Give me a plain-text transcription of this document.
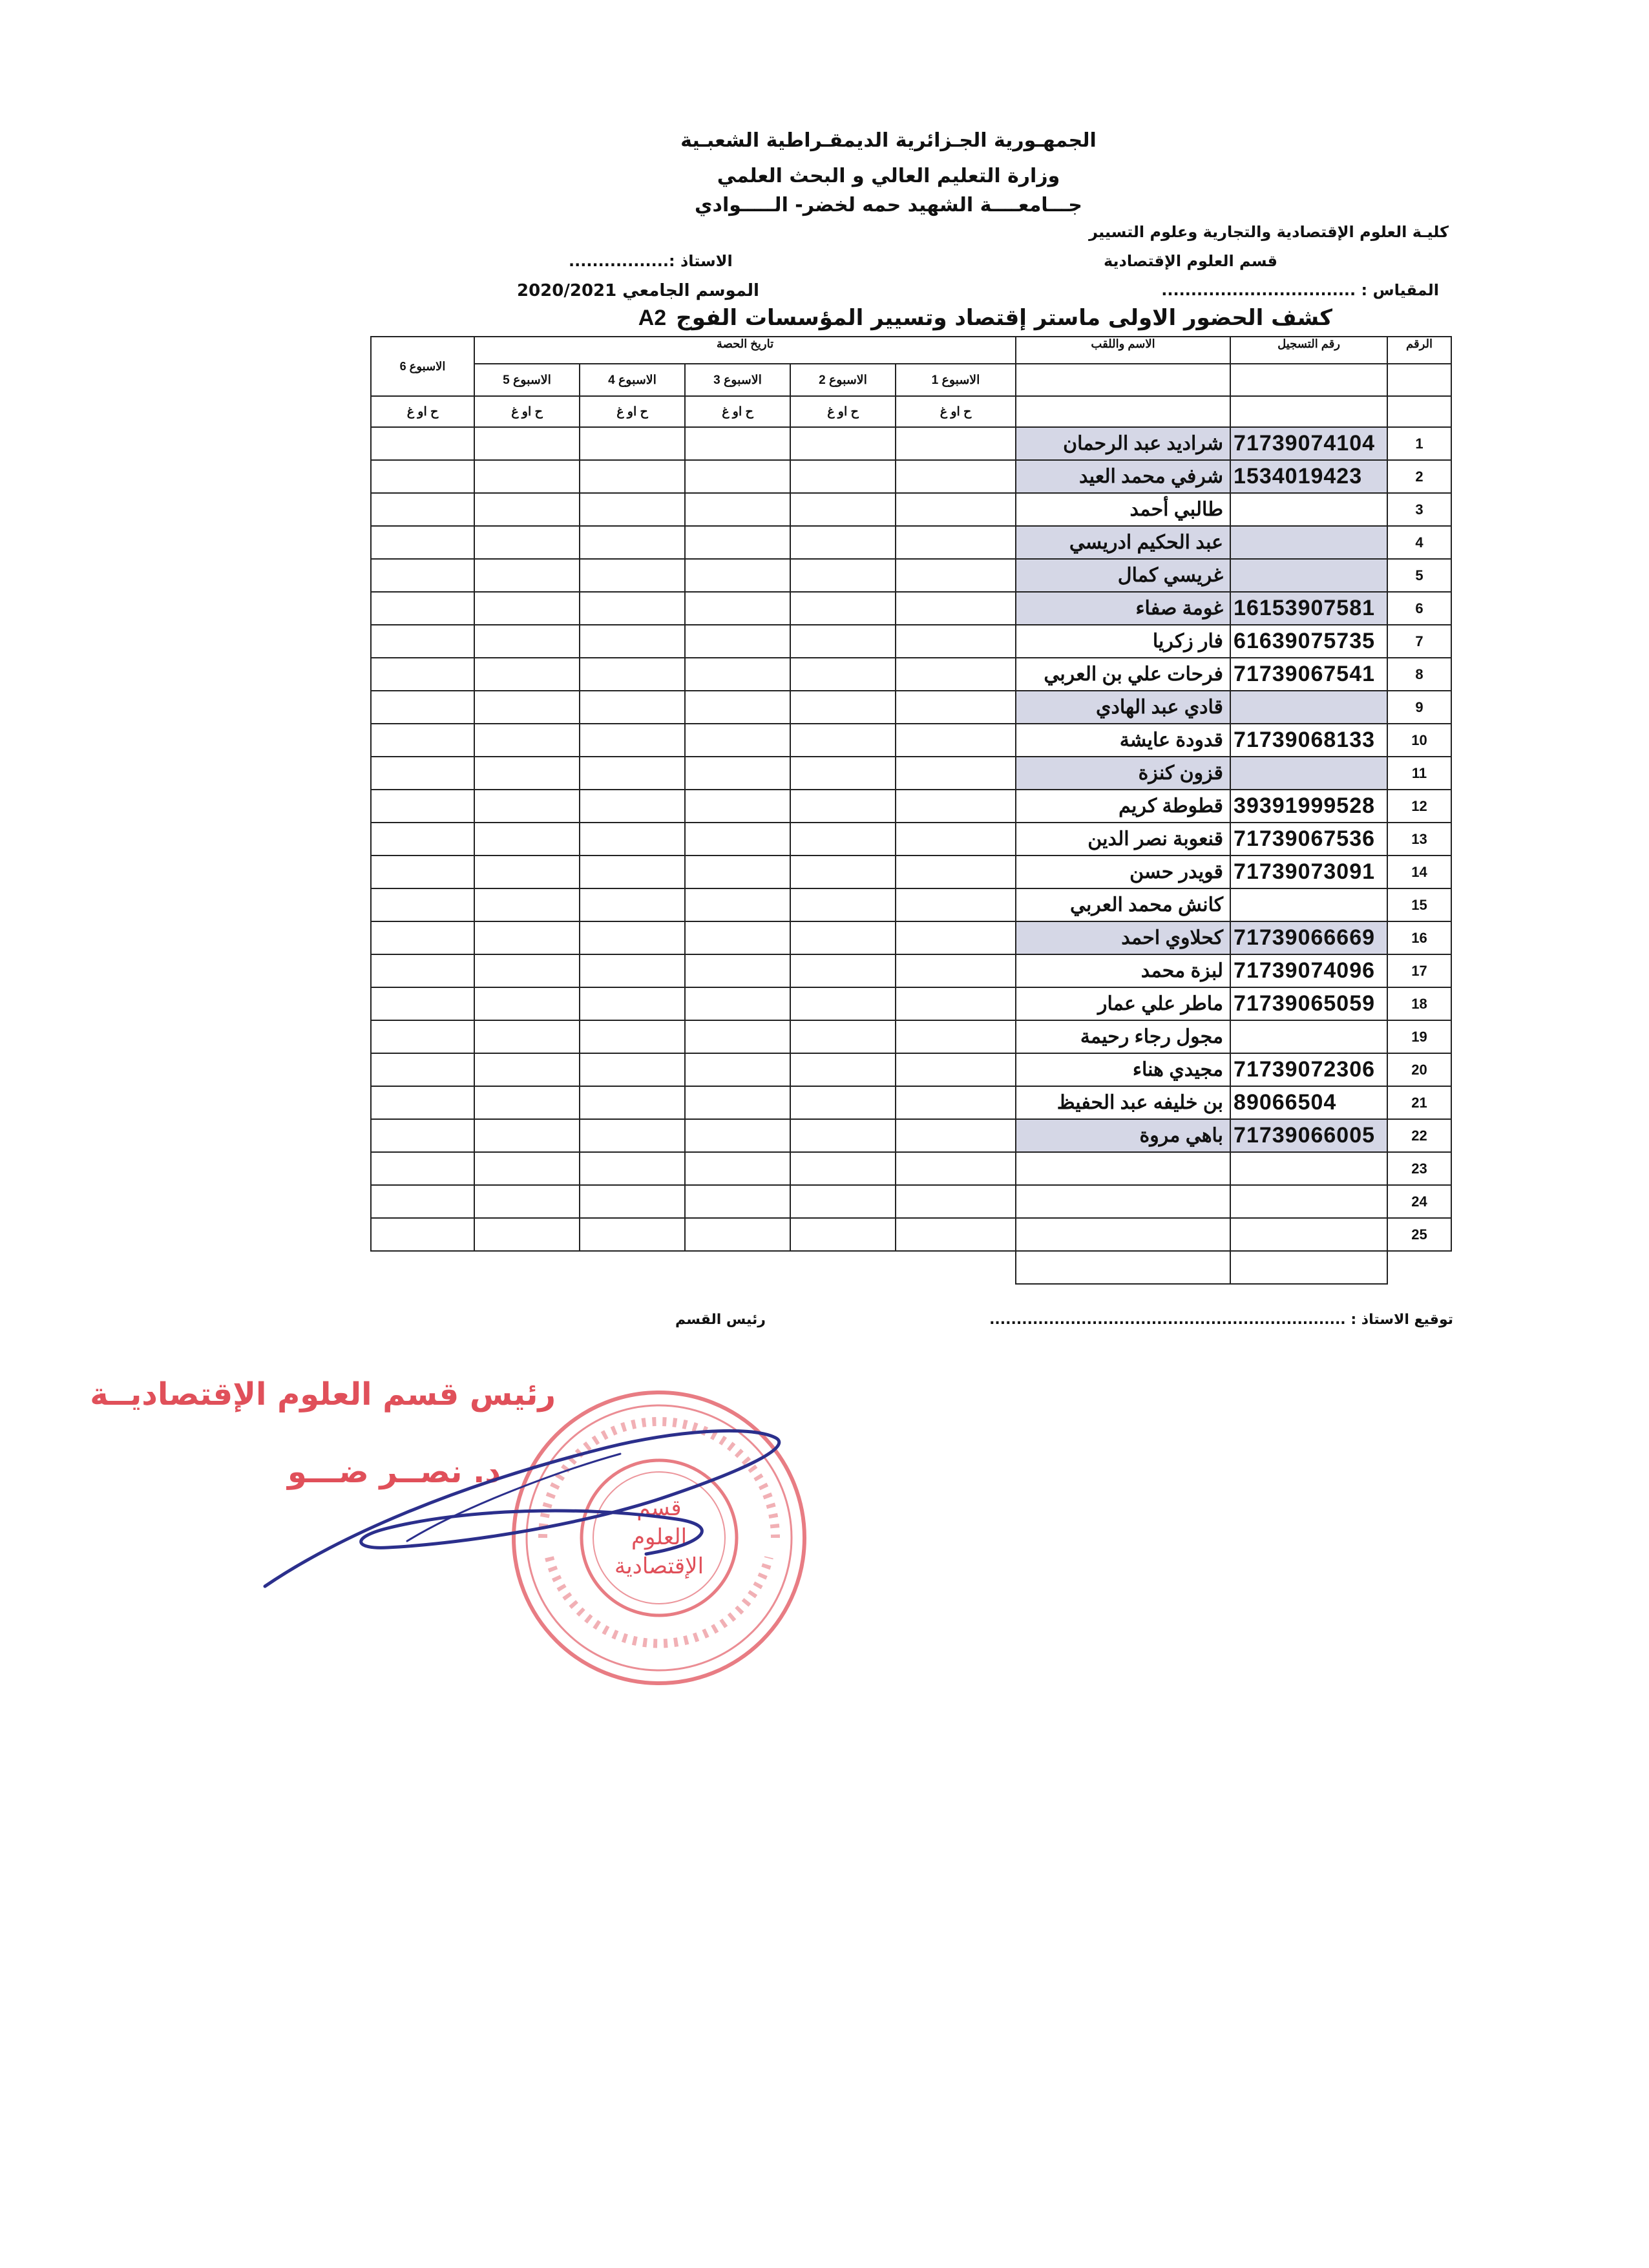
الجمهـورية الجـزائرية الديمقـراطية الشعبـية
وزارة التعليم العالي و البحث العلمي
جـــامعــــة الشهيد حمه لخضر- الـــــوادي
كليـة العلوم الإقتصادية والتجارية وعلوم التسيير
قسم العلوم الإقتصادية
الاستاذ :.................
المقياس : .................................
الموسم الجامعي 2020/2021
كشف الحضور الاولى ماستر إقتصاد وتسيير المؤسسات الفوج A2
الاسبوع 6	تاريخ الحصة					الاسم واللقب	رقم التسجيل	الرقم
	الاسبوع 5	الاسبوع 4	الاسبوع 3	الاسبوع 2	الاسبوع 1			
ح او غ	ح او غ	ح او غ	ح او غ	ح او غ	ح او غ			
						شراديد عبد الرحمان	71739074104	1
						شرفي محمد العيد	1534019423	2
						طالبي أحمد		3
						عبد الحكيم ادريسي		4
						غريسي كمال		5
						غومة صفاء	16153907581	6
						فار زكريا	61639075735	7
						فرحات علي بن العربي	71739067541	8
						قادي عبد الهادي		9
						قدودة عايشة	71739068133	10
						قزون كنزة		11
						قطوطة كريم	39391999528	12
						قنعوبة نصر الدين	71739067536	13
						قويدر حسن	71739073091	14
						كانش محمد العربي		15
						كحلاوي احمد	71739066669	16
						لبزة محمد	71739074096	17
						ماطر علي عمار	71739065059	18
						مجول رجاء رحيمة		19
						مجيدي هناء	71739072306	20
						بن خليفه عبد الحفيظ	89066504	21
						باهي مروة	71739066005	22
								23
								24
								25

توقيع الاستاذ : ..................................................................
رئيس القسم
رئيس قسم العلوم الإقتصاديــة
د. نصــر ضـــو
قسم
العلوم
الإقتصادية
